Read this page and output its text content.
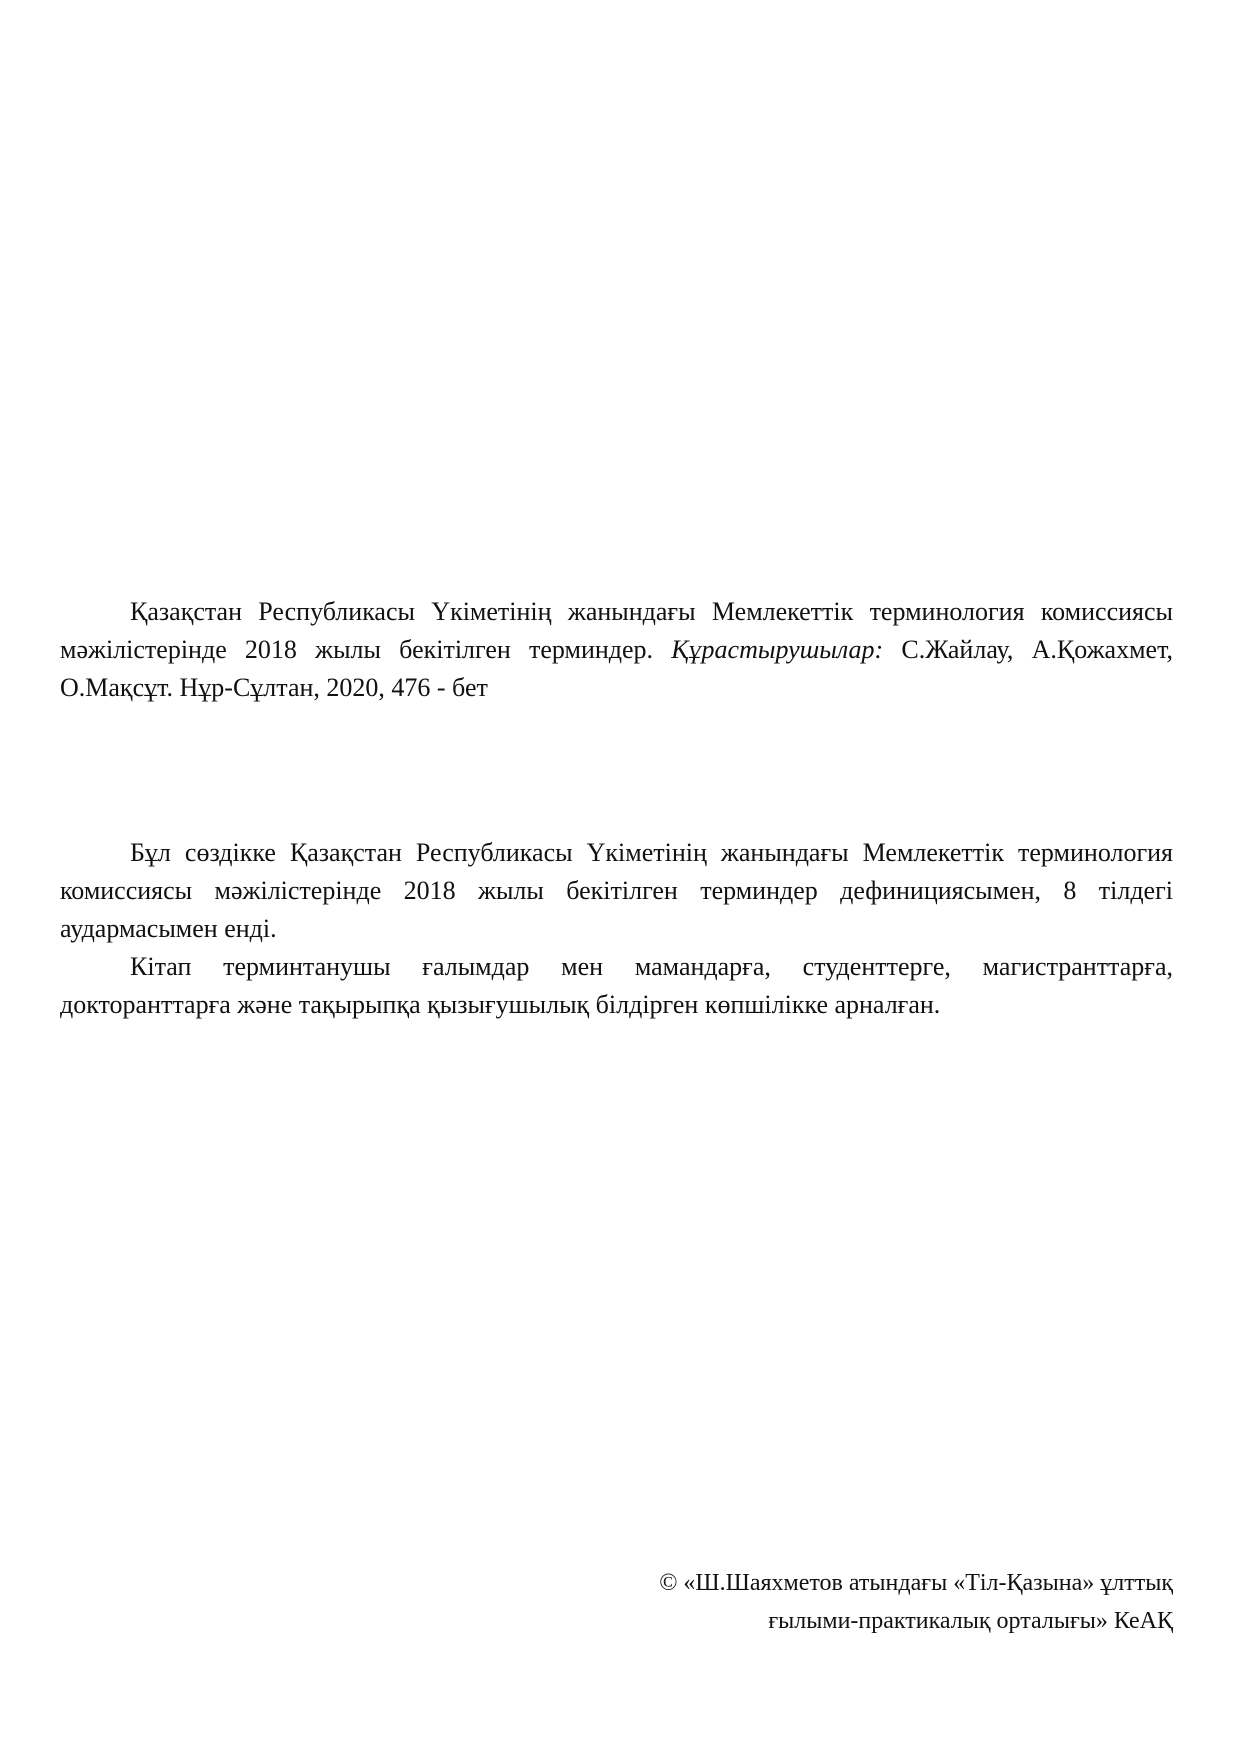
Қазақстан Республикасы Үкіметінің жанындағы Мемлекеттік терминология комиссиясы мәжілістерінде 2018 жылы бекітілген терминдер. Құрастырушылар: С.Жайлау, А.Қожахмет, О.Мақсұт. Нұр-Сұлтан, 2020, 476 - бет

Бұл сөздікке Қазақстан Республикасы Үкіметінің жанындағы Мемлекеттік терминология комиссиясы мәжілістерінде 2018 жылы бекітілген терминдер дефинициясымен, 8 тілдегі аудармасымен енді.

Кітап терминтанушы ғалымдар мен мамандарға, студенттерге, магистранттарға, докторанттарға және тақырыпқа қызығушылық білдірген көпшілікке арналған.

© «Ш.Шаяхметов атындағы «Тіл-Қазына» ұлттық
ғылыми-практикалық орталығы» КеАҚ
